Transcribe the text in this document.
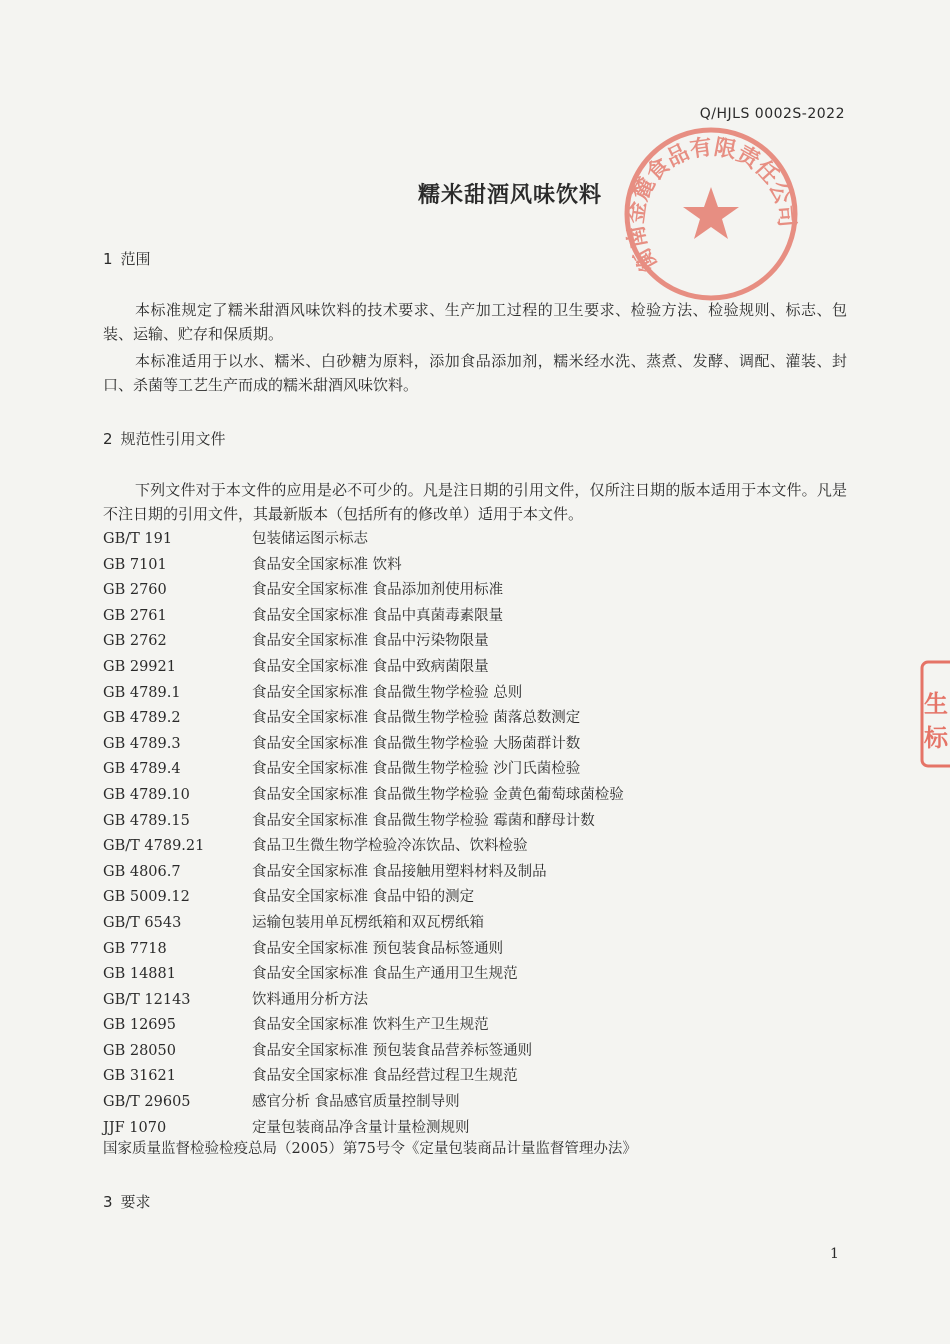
Q/HJLS 0002S-2022
糯米甜酒风味饮料
衡南金麓食品有限责任公司
生
标
1 范围
本标准规定了糯米甜酒风味饮料的技术要求、生产加工过程的卫生要求、检验方法、检验规则、标志、包装、运输、贮存和保质期。
本标准适用于以水、糯米、白砂糖为原料，添加食品添加剂，糯米经水洗、蒸煮、发酵、调配、灌装、封口、杀菌等工艺生产而成的糯米甜酒风味饮料。
2 规范性引用文件
下列文件对于本文件的应用是必不可少的。凡是注日期的引用文件，仅所注日期的版本适用于本文件。凡是不注日期的引用文件，其最新版本（包括所有的修改单）适用于本文件。
GB/T 191	包装储运图示标志
GB 7101	食品安全国家标准 饮料
GB 2760	食品安全国家标准 食品添加剂使用标准
GB 2761	食品安全国家标准 食品中真菌毒素限量
GB 2762	食品安全国家标准 食品中污染物限量
GB 29921	食品安全国家标准 食品中致病菌限量
GB 4789.1	食品安全国家标准 食品微生物学检验 总则
GB 4789.2	食品安全国家标准 食品微生物学检验 菌落总数测定
GB 4789.3	食品安全国家标准 食品微生物学检验 大肠菌群计数
GB 4789.4	食品安全国家标准 食品微生物学检验 沙门氏菌检验
GB 4789.10	食品安全国家标准 食品微生物学检验 金黄色葡萄球菌检验
GB 4789.15	食品安全国家标准 食品微生物学检验 霉菌和酵母计数
GB/T 4789.21	食品卫生微生物学检验冷冻饮品、饮料检验
GB 4806.7	食品安全国家标准 食品接触用塑料材料及制品
GB 5009.12	食品安全国家标准 食品中铅的测定
GB/T 6543	运输包装用单瓦楞纸箱和双瓦楞纸箱
GB 7718	食品安全国家标准 预包装食品标签通则
GB 14881	食品安全国家标准 食品生产通用卫生规范
GB/T 12143	饮料通用分析方法
GB 12695	食品安全国家标准 饮料生产卫生规范
GB 28050	食品安全国家标准 预包装食品营养标签通则
GB 31621	食品安全国家标准 食品经营过程卫生规范
GB/T 29605	感官分析 食品感官质量控制导则
JJF 1070	定量包装商品净含量计量检测规则
国家质量监督检验检疫总局（2005）第75号令《定量包装商品计量监督管理办法》
3 要求
1
